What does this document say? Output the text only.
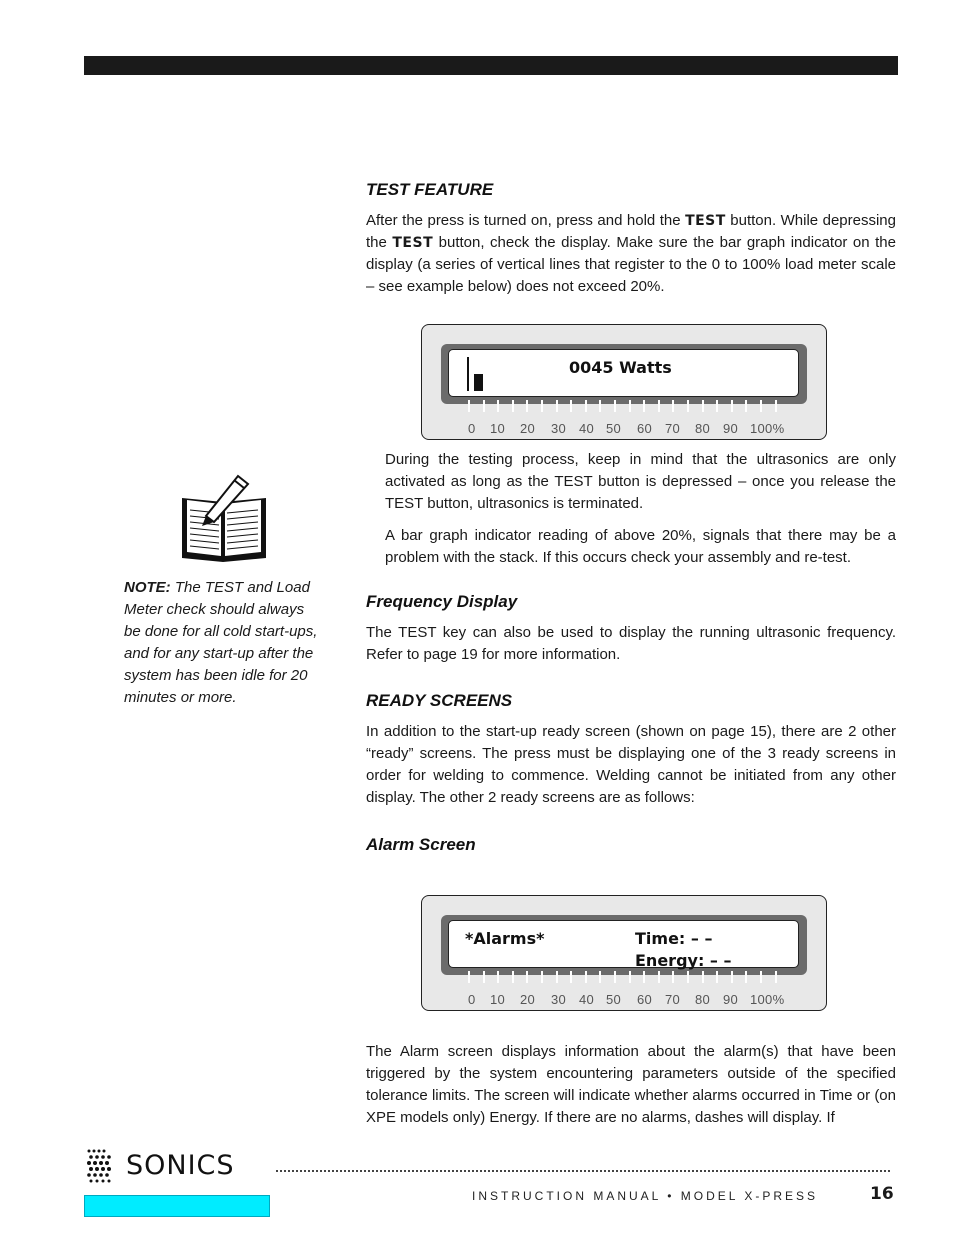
TEST FEATURE

After the press is turned on, press and hold the TEST button. While depressing the TEST button, check the display. Make sure the bar graph indicator on the display (a series of vertical lines that register to the 0 to 100% load meter scale – see example below) does not exceed 20%.

0045 Watts
0 10 20 30 40 50 60 70 80 90 100%

During the testing process, keep in mind that the ultrasonics are only activated as long as the TEST button is depressed – once you release the TEST button, ultrasonics is terminated.

A bar graph indicator reading of above 20%, signals that there may be a problem with the stack. If this occurs check your assembly and re-test.

NOTE: The TEST and Load Meter check should always be done for all cold start-ups, and for any start-up after the system has been idle for 20 minutes or more.

Frequency Display

The TEST key can also be used to display the running ultrasonic frequency. Refer to page 19 for more information.

READY SCREENS

In addition to the start-up ready screen (shown on page 15), there are 2 other “ready” screens. The press must be displaying one of the 3 ready screens in order for welding to commence. Welding cannot be initiated from any other display. The other 2 ready screens are as follows:

Alarm Screen
*Alarms*	Time: – –
Energy: – –
0 10 20 30 40 50 60 70 80 90 100%

The Alarm screen displays information about the alarm(s) that have been triggered by the system encountering parameters outside of the specified tolerance limits. The screen will indicate whether alarms occurred in Time or (on XPE models only) Energy. If there are no alarms, dashes will display. If

SONICS
INSTRUCTION MANUAL • MODEL X-PRESS	16
